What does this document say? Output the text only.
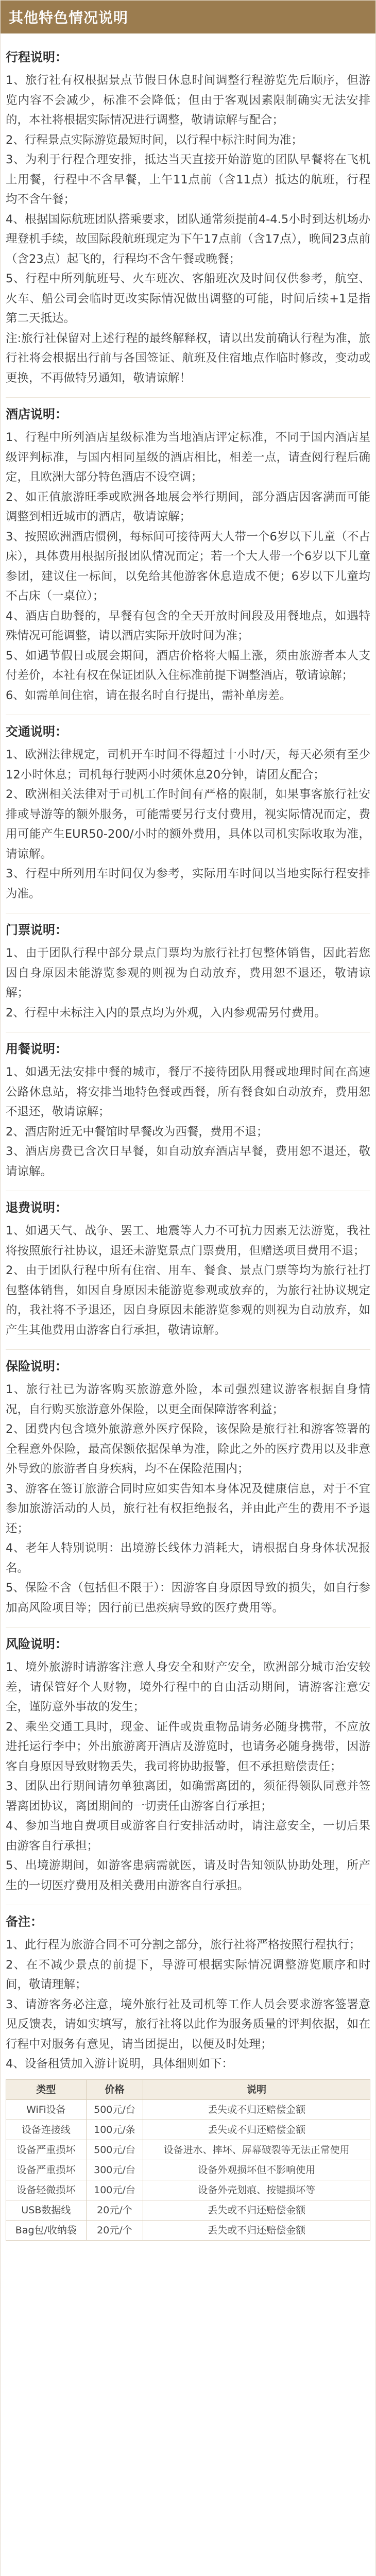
其他特色情况说明
行程说明：

1、旅行社有权根据景点节假日休息时间调整行程游览先后顺序，但游览内容不会减少，标准不会降低；但由于客观因素限制确实无法安排的，本社将根据实际情况进行调整，敬请谅解与配合；

2、行程景点实际游览最短时间，以行程中标注时间为准；

3、为利于行程合理安排，抵达当天直接开始游览的团队早餐将在飞机上用餐，行程中不含早餐，上午11点前（含11点）抵达的航班，行程均不含午餐；

4、根据国际航班团队搭乘要求，团队通常须提前4-4.5小时到达机场办理登机手续，故国际段航班现定为下午17点前（含17点），晚间23点前（含23点）起飞的，行程均不含午餐或晚餐；

5、行程中所列航班号、火车班次、客船班次及时间仅供参考，航空、火车、船公司会临时更改实际情况做出调整的可能，时间后续+1是指第二天抵达。

注:旅行社保留对上述行程的最终解释权，请以出发前确认行程为准，旅行社将会根据出行前与各国签证、航班及住宿地点作临时修改，变动或更换，不再做特另通知，敬请谅解！

酒店说明：

1、行程中所列酒店星级标准为当地酒店评定标准，不同于国内酒店星级评判标准，与国内相同星级的酒店相比，相差一点，请查阅行程后确定，且欧洲大部分特色酒店不设空调；

2、如正值旅游旺季或欧洲各地展会举行期间，部分酒店因客满而可能调整到相近城市的酒店，敬请谅解；

3、按照欧洲酒店惯例，每标间可接待两大人带一个6岁以下儿童（不占床），具体费用根据所报团队情况而定；若一个大人带一个6岁以下儿童参团，建议住一标间，以免给其他游客休息造成不便；6岁以下儿童均不占床（一桌位）；

4、酒店自助餐的，早餐有包含的全天开放时间段及用餐地点，如遇特殊情况可能调整，请以酒店实际开放时间为准；

5、如遇节假日或展会期间，酒店价格将大幅上涨，须由旅游者本人支付差价，本社有权在保证团队入住标准前提下调整酒店，敬请谅解；

6、如需单间住宿，请在报名时自行提出，需补单房差。

交通说明：

1、欧洲法律规定，司机开车时间不得超过十小时/天，每天必须有至少12小时休息；司机每行驶两小时须休息20分钟，请团友配合；

2、欧洲相关法律对于司机工作时间有严格的限制，如果事客旅行社安排或导游等的额外服务，可能需要另行支付费用，视实际情况而定，费用可能产生EUR50-200/小时的额外费用，具体以司机实际收取为准，请谅解。

3、行程中所列用车时间仅为参考，实际用车时间以当地实际行程安排为准。

门票说明：

1、由于团队行程中部分景点门票均为旅行社打包整体销售，因此若您因自身原因未能游览参观的则视为自动放弃，费用恕不退还，敬请谅解；

2、行程中未标注入内的景点均为外观，入内参观需另付费用。

用餐说明：

1、如遇无法安排中餐的城市，餐厅不接待团队用餐或地理时间在高速公路休息站，将安排当地特色餐或西餐，所有餐食如自动放弃，费用恕不退还，敬请谅解；

2、酒店附近无中餐馆时早餐改为西餐，费用不退；

3、酒店房费已含次日早餐，如自动放弃酒店早餐，费用恕不退还，敬请谅解。

退费说明：

1、如遇天气、战争、罢工、地震等人力不可抗力因素无法游览，我社将按照旅行社协议，退还未游览景点门票费用，但赠送项目费用不退；

2、由于团队行程中所有住宿、用车、餐食、景点门票等均为旅行社打包整体销售，如因自身原因未能游览参观或放弃的，为旅行社协议规定的，我社将不予退还，因自身原因未能游览参观的则视为自动放弃，如产生其他费用由游客自行承担，敬请谅解。

保险说明：

1、旅行社已为游客购买旅游意外险，本司强烈建议游客根据自身情况，自行购买旅游意外保险，以更全面保障游客利益；

2、团费内包含境外旅游意外医疗保险，该保险是旅行社和游客签署的全程意外保险，最高保额依据保单为准，除此之外的医疗费用以及非意外导致的旅游者自身疾病，均不在保险范围内；

3、游客在签订旅游合同时应如实告知本身体况及健康信息，对于不宜参加旅游活动的人员，旅行社有权拒绝报名，并由此产生的费用不予退还；

4、老年人特别说明：出境游长线体力消耗大，请根据自身身体状况报名。

5、保险不含（包括但不限于）：因游客自身原因导致的损失，如自行参加高风险项目等；因行前已患疾病导致的医疗费用等。

风险说明：

1、境外旅游时请游客注意人身安全和财产安全，欧洲部分城市治安较差，请保管好个人财物，境外行程中的自由活动期间，请游客注意安全，谨防意外事故的发生；

2、乘坐交通工具时，现金、证件或贵重物品请务必随身携带，不应放进托运行李中；外出旅游离开酒店及游览时，也请务必随身携带，因游客自身原因导致财物丢失，我司将协助报警，但不承担赔偿责任；

3、团队出行期间请勿单独离团，如确需离团的，须征得领队同意并签署离团协议，离团期间的一切责任由游客自行承担；

4、参加当地自费项目或游客自行安排活动时，请注意安全，一切后果由游客自行承担；

5、出境游期间，如游客患病需就医，请及时告知领队协助处理，所产生的一切医疗费用及相关费用由游客自行承担。

备注：

1、此行程为旅游合同不可分割之部分，旅行社将严格按照行程执行；

2、在不减少景点的前提下，导游可根据实际情况调整游览顺序和时间，敬请理解；

3、请游客务必注意，境外旅行社及司机等工作人员会要求游客签署意见反馈表，请如实填写，旅行社将以此作为服务质量的评判依据，如在行程中对服务有意见，请当团提出，以便及时处理；

4、设备租赁加入游计说明，具体细则如下：

类型	价格	说明
WiFi设备	500元/台	丢失或不归还赔偿金额
设备连接线	100元/条	丢失或不归还赔偿金额
设备严重损坏	500元/台	设备进水、摔坏、屏幕破裂等无法正常使用
设备严重损坏	300元/台	设备外观损坏但不影响使用
设备轻微损坏	100元/台	设备外壳划痕、按键损坏等
USB数据线	20元/个	丢失或不归还赔偿金额
Bag包/收纳袋	20元/个	丢失或不归还赔偿金额
